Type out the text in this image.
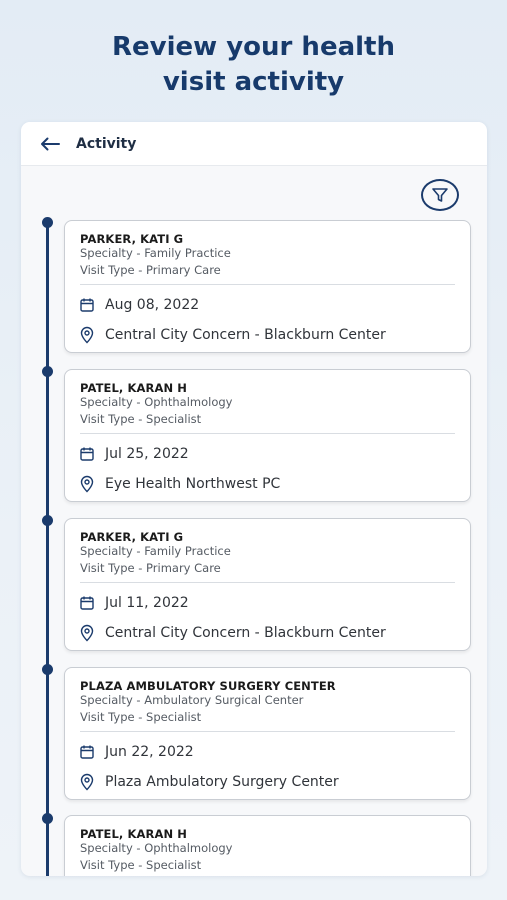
Review your health
visit activity
Activity
PARKER, KATI G
Specialty - Family Practice
Visit Type - Primary Care
Aug 08, 2022
Central City Concern - Blackburn Center
PATEL, KARAN H
Specialty - Ophthalmology
Visit Type - Specialist
Jul 25, 2022
Eye Health Northwest PC
PARKER, KATI G
Specialty - Family Practice
Visit Type - Primary Care
Jul 11, 2022
Central City Concern - Blackburn Center
PLAZA AMBULATORY SURGERY CENTER
Specialty - Ambulatory Surgical Center
Visit Type - Specialist
Jun 22, 2022
Plaza Ambulatory Surgery Center
PATEL, KARAN H
Specialty - Ophthalmology
Visit Type - Specialist
